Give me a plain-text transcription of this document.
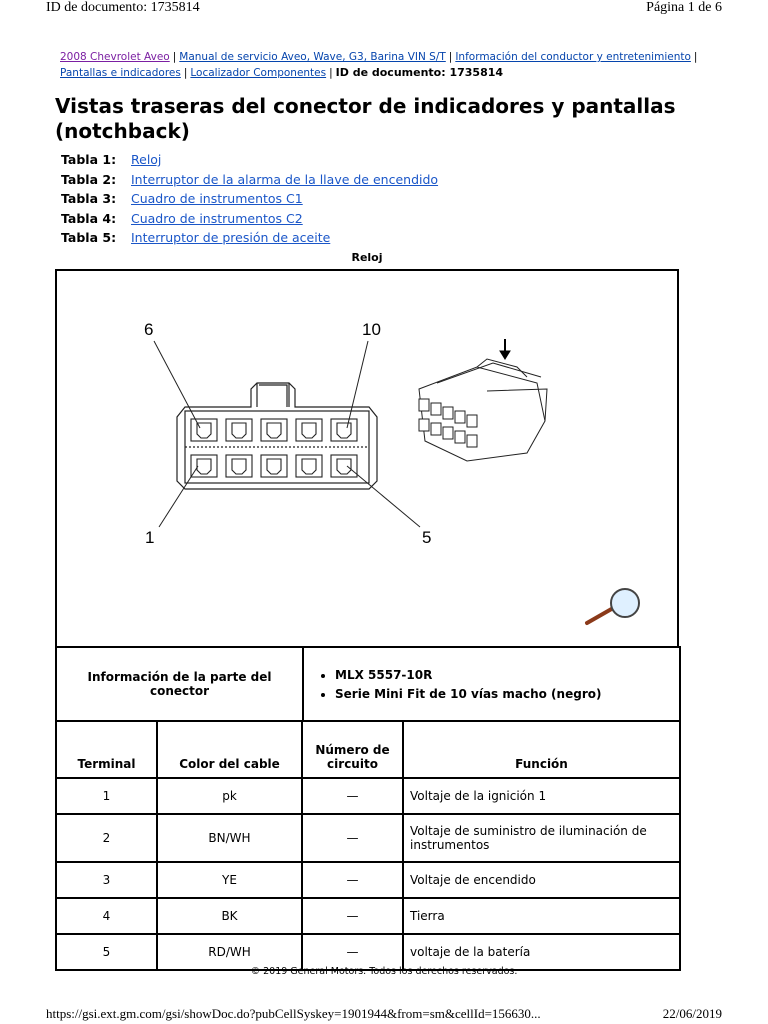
ID de documento: 1735814	Página 1 de 6
2008 Chevrolet Aveo | Manual de servicio Aveo, Wave, G3, Barina VIN S/T | Información del conductor y entretenimiento |
Pantallas e indicadores | Localizador Componentes | ID de documento: 1735814
Vistas traseras del conector de indicadores y pantallas (notchback)
Tabla 1:	Reloj
Tabla 2:	Interruptor de la alarma de la llave de encendido
Tabla 3:	Cuadro de instrumentos C1
Tabla 4:	Cuadro de instrumentos C2
Tabla 5:	Interruptor de presión de aceite
Reloj
6	10
1	5
Información de la parte del conector	
• MLX 5557-10R
• Serie Mini Fit de 10 vías macho (negro)
Terminal	Color del cable	Número de circuito	Función
1	pk	—	Voltaje de la ignición 1
2	BN/WH	—	Voltaje de suministro de iluminación de instrumentos
3	YE	—	Voltaje de encendido
4	BK	—	Tierra
5	RD/WH	—	voltaje de la batería
© 2019 General Motors. Todos los derechos reservados.
https://gsi.ext.gm.com/gsi/showDoc.do?pubCellSyskey=1901944&from=sm&cellId=156630...	22/06/2019
